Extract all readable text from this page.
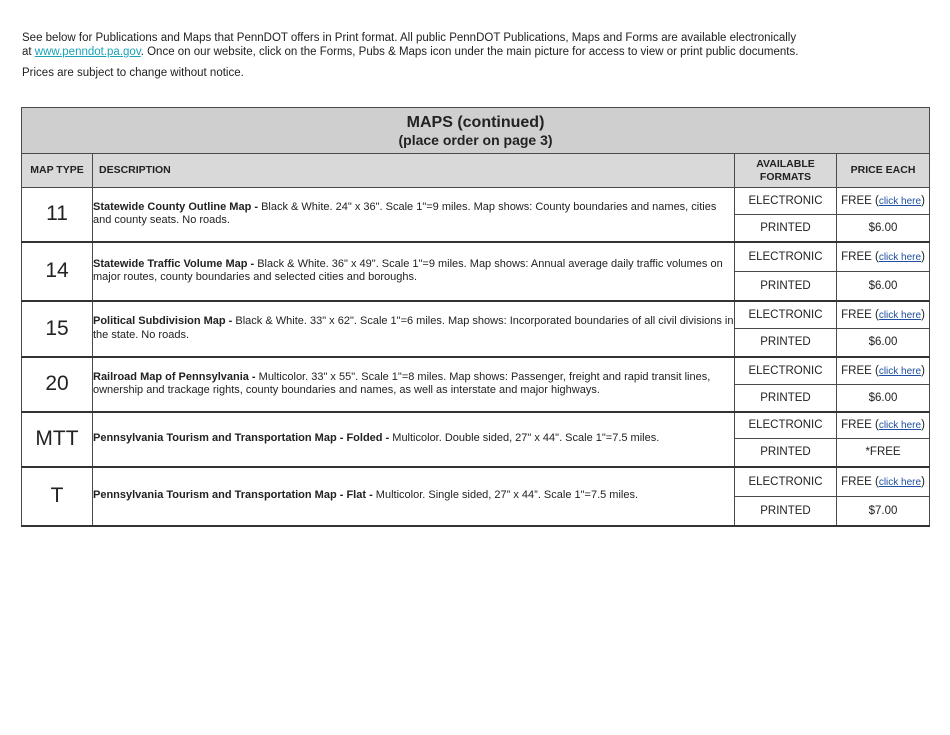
See below for Publications and Maps that PennDOT offers in Print format. All public PennDOT Publications, Maps and Forms are available electronically

at www.penndot.pa.gov. Once on our website, click on the Forms, Pubs & Maps icon under the main picture for access to view or print public documents.

Prices are subject to change without notice.
MAPS (continued)
(place order on page 3)			

MAP TYPE	DESCRIPTION	AVAILABLE FORMATS	PRICE EACH
11	Statewide County Outline Map - Black & White. 24" x 36". Scale 1"=9 miles. Map shows: County boundaries and names, cities and county seats. No roads.	ELECTRONIC	FREE (click here)
		PRINTED	$6.00
14	Statewide Traffic Volume Map - Black & White. 36" x 49". Scale 1"=9 miles. Map shows: Annual average daily traffic volumes on major routes, county boundaries and selected cities and boroughs.	ELECTRONIC	FREE (click here)
		PRINTED	$6.00
15	Political Subdivision Map - Black & White. 33" x 62". Scale 1"=6 miles. Map shows: Incorporated boundaries of all civil divisions in the state. No roads.	ELECTRONIC	FREE (click here)
		PRINTED	$6.00
20	Railroad Map of Pennsylvania - Multicolor. 33" x 55". Scale 1"=8 miles. Map shows: Passenger, freight and rapid transit lines, ownership and trackage rights, county boundaries and names, as well as interstate and major highways.	ELECTRONIC	FREE (click here)
		PRINTED	$6.00
MTT	Pennsylvania Tourism and Transportation Map - Folded - Multicolor. Double sided, 27" x 44". Scale 1"=7.5 miles.	ELECTRONIC	FREE (click here)
		PRINTED	*FREE
T	Pennsylvania Tourism and Transportation Map - Flat - Multicolor. Single sided, 27” x 44”. Scale 1"=7.5 miles.	ELECTRONIC	FREE (click here)
		PRINTED	$7.00
